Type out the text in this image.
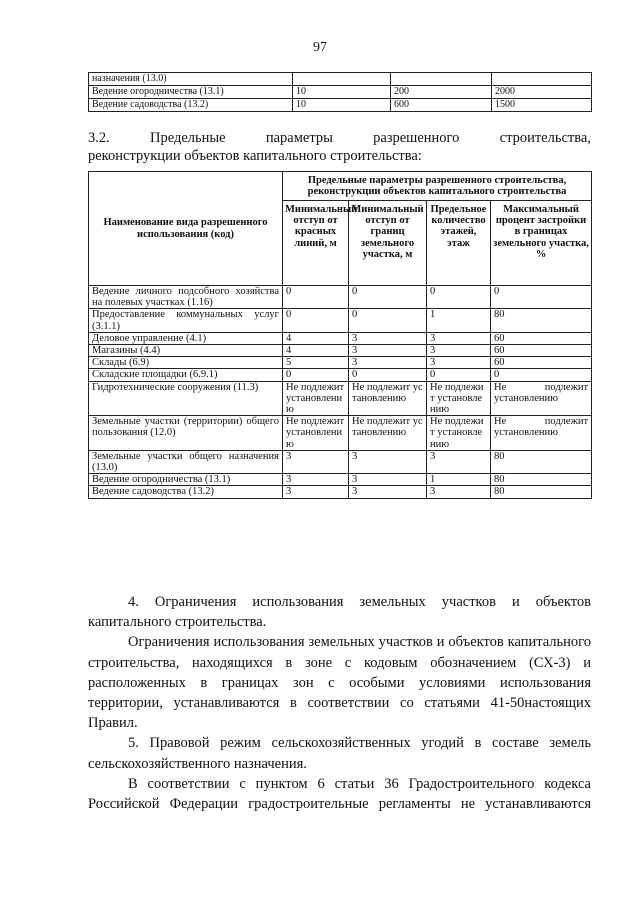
97
назначения (13.0)			
Ведение огородничества (13.1)	10	200	2000
Ведение садоводства (13.2)	10	600	1500
3.2.	Предельные	параметры	разрешенного	строительства,
реконструкции объектов капитального строительства:
Наименование вида разрешенного использования (код)	Предельные параметры разрешенного строительства, реконструкции объектов капитального строительства			
	Минимальный отступ от красных линий, м	Минимальный отступ от границ земельного участка, м	Предельное количество этажей, этаж	Максимальный процент застройки в границах земельного участка, %
Ведение личного подсобного хозяйства на полевых участках (1.16)	0	0	0	0
Предоставление коммунальных услуг (3.1.1)	0	0	1	80
Деловое управление (4.1)	4	3	3	60
Магазины (4.4)	4	3	3	60
Склады (6.9)	5	3	3	60
Складские площадки (6.9.1)	0	0	0	0
Гидротехнические сооружения (11.3)	Не подлежит установлению	Не подлежит установлению	Не подлежит установлению	Не подлежит установлению
Земельные участки (территории) общего пользования (12.0)	Не подлежит установлению	Не подлежит установлению	Не подлежит установлению	Не подлежит установлению
Земельные участки общего назначения (13.0)	3	3	3	80
Ведение огородничества (13.1)	3	3	1	80
Ведение садоводства (13.2)	3	3	3	80

4. Ограничения использования земельных участков и объектов капитального строительства.

Ограничения использования земельных участков и объектов капитального строительства, находящихся в зоне с кодовым обозначением (СХ-3) и расположенных в границах зон с особыми условиями использования территории, устанавливаются в соответствии со статьями 41-50настоящих Правил.

5. Правовой режим сельскохозяйственных угодий в составе земель сельскохозяйственного назначения.

В соответствии с пунктом 6 статьи 36 Градостроительного кодекса Российской Федерации градостроительные регламенты не устанавливаются
